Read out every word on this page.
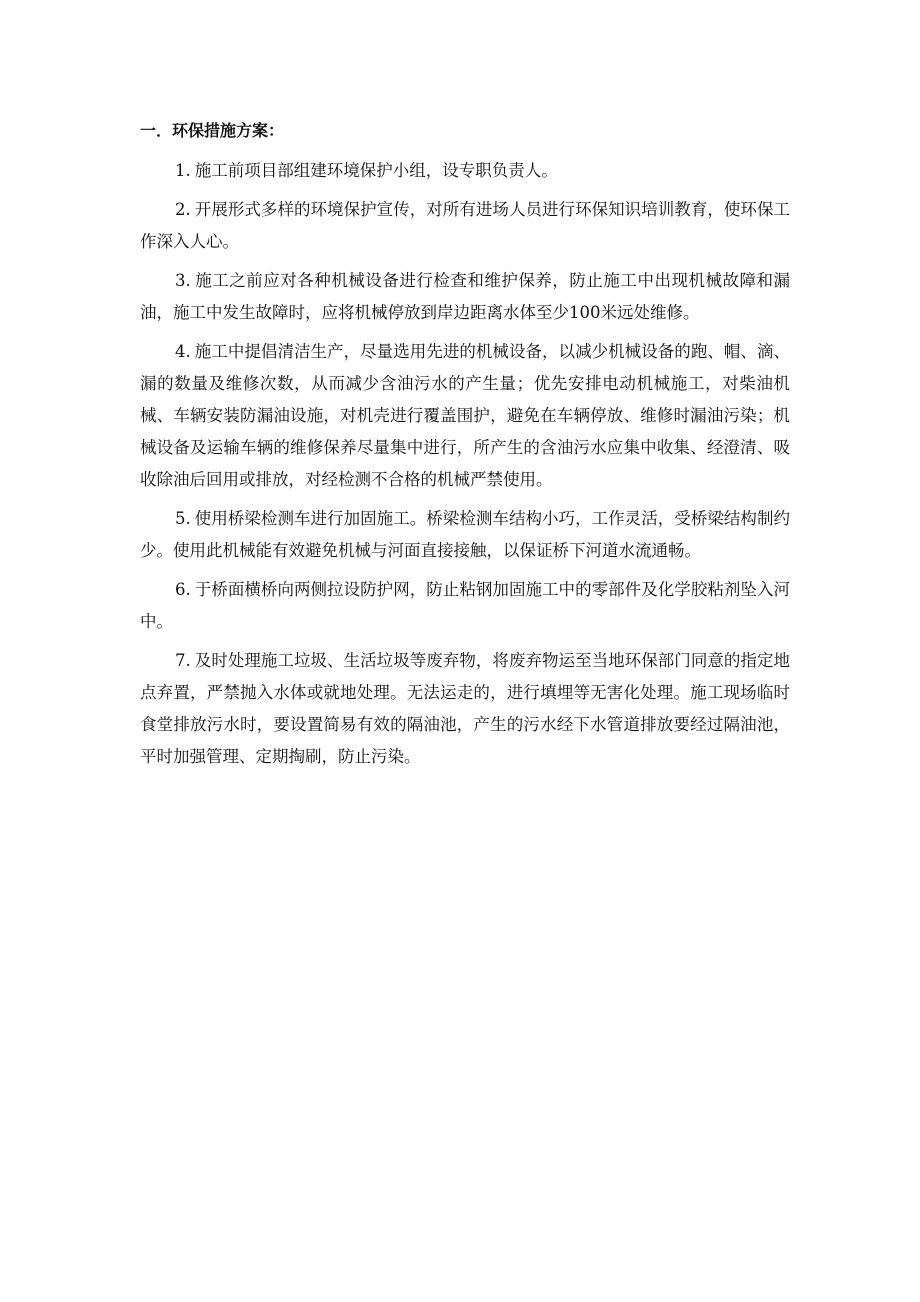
一．环保措施方案：

1. 施工前项目部组建环境保护小组，设专职负责人。

2. 开展形式多样的环境保护宣传，对所有进场人员进行环保知识培训教育，使环保工作深入人心。

3. 施工之前应对各种机械设备进行检查和维护保养，防止施工中出现机械故障和漏油，施工中发生故障时，应将机械停放到岸边距离水体至少100米远处维修。

4. 施工中提倡清洁生产，尽量选用先进的机械设备，以减少机械设备的跑、帽、滴、漏的数量及维修次数，从而减少含油污水的产生量；优先安排电动机械施工，对柴油机械、车辆安装防漏油设施，对机壳进行覆盖围护，避免在车辆停放、维修时漏油污染；机械设备及运输车辆的维修保养尽量集中进行，所产生的含油污水应集中收集、经澄清、吸收除油后回用或排放，对经检测不合格的机械严禁使用。

5. 使用桥梁检测车进行加固施工。桥梁检测车结构小巧，工作灵活，受桥梁结构制约少。使用此机械能有效避免机械与河面直接接触，以保证桥下河道水流通畅。

6. 于桥面横桥向两侧拉设防护网，防止粘钢加固施工中的零部件及化学胶粘剂坠入河中。

7. 及时处理施工垃圾、生活垃圾等废弃物，将废弃物运至当地环保部门同意的指定地点弃置，严禁抛入水体或就地处理。无法运走的，进行填埋等无害化处理。施工现场临时食堂排放污水时，要设置简易有效的隔油池，产生的污水经下水管道排放要经过隔油池，平时加强管理、定期掏刷，防止污染。
